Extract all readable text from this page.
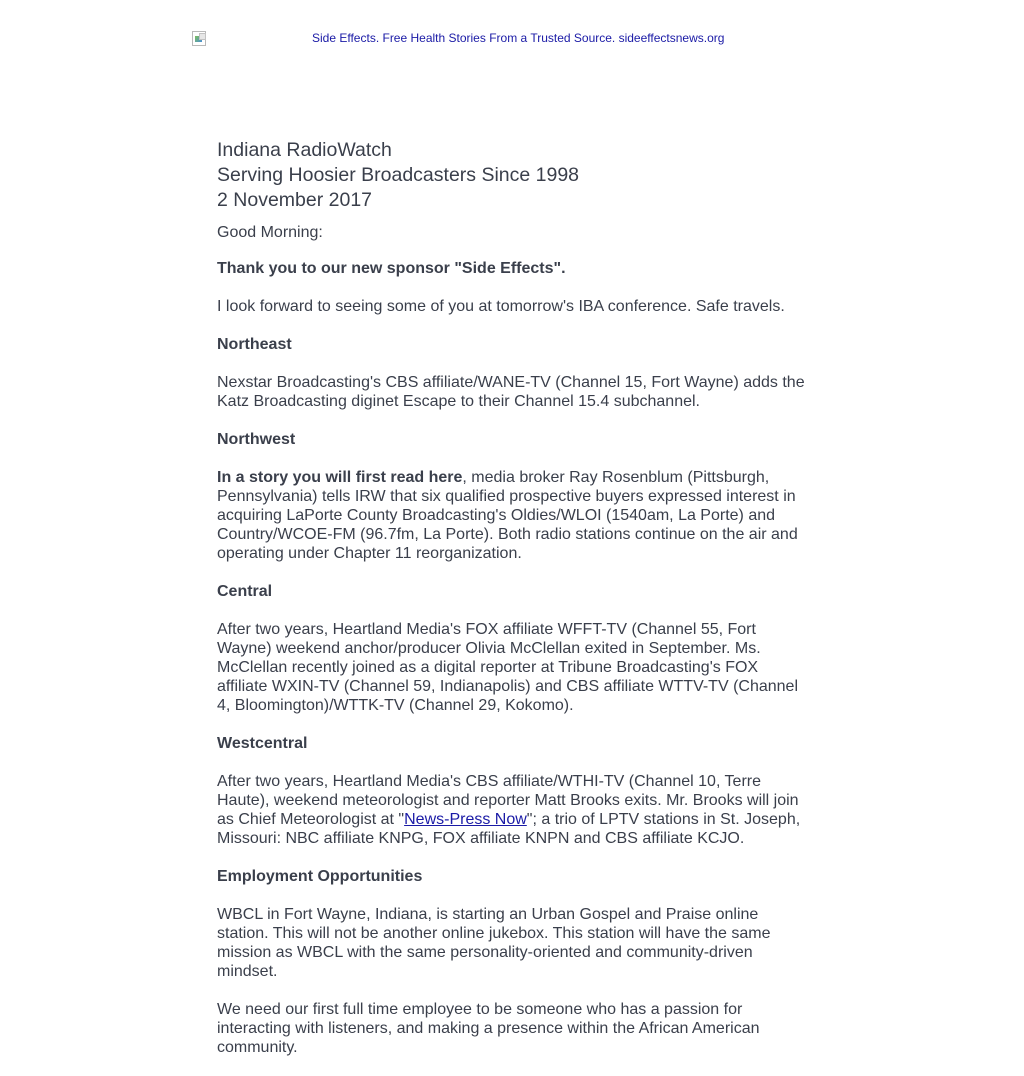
Side Effects. Free Health Stories From a Trusted Source. sideeffectsnews.org
Indiana RadioWatch
Serving Hoosier Broadcasters Since 1998
2 November 2017

Good Morning:

Thank you to our new sponsor "Side Effects".

I look forward to seeing some of you at tomorrow's IBA conference. Safe travels.

Northeast

Nexstar Broadcasting's CBS affiliate/WANE-TV (Channel 15, Fort Wayne) adds the Katz Broadcasting diginet Escape to their Channel 15.4 subchannel.

Northwest

In a story you will first read here, media broker Ray Rosenblum (Pittsburgh, Pennsylvania) tells IRW that six qualified prospective buyers expressed interest in acquiring LaPorte County Broadcasting's Oldies/WLOI (1540am, La Porte) and Country/WCOE-FM (96.7fm, La Porte). Both radio stations continue on the air and operating under Chapter 11 reorganization.

Central

After two years, Heartland Media's FOX affiliate WFFT-TV (Channel 55, Fort Wayne) weekend anchor/producer Olivia McClellan exited in September. Ms. McClellan recently joined as a digital reporter at Tribune Broadcasting's FOX affiliate WXIN-TV (Channel 59, Indianapolis) and CBS affiliate WTTV-TV (Channel 4, Bloomington)/WTTK-TV (Channel 29, Kokomo).

Westcentral

After two years, Heartland Media's CBS affiliate/WTHI-TV (Channel 10, Terre Haute), weekend meteorologist and reporter Matt Brooks exits. Mr. Brooks will join as Chief Meteorologist at "News-Press Now"; a trio of LPTV stations in St. Joseph, Missouri: NBC affiliate KNPG, FOX affiliate KNPN and CBS affiliate KCJO.

Employment Opportunities

WBCL in Fort Wayne, Indiana, is starting an Urban Gospel and Praise online station. This will not be another online jukebox. This station will have the same mission as WBCL with the same personality-oriented and community-driven mindset.

We need our first full time employee to be someone who has a passion for interacting with listeners, and making a presence within the African American community.
